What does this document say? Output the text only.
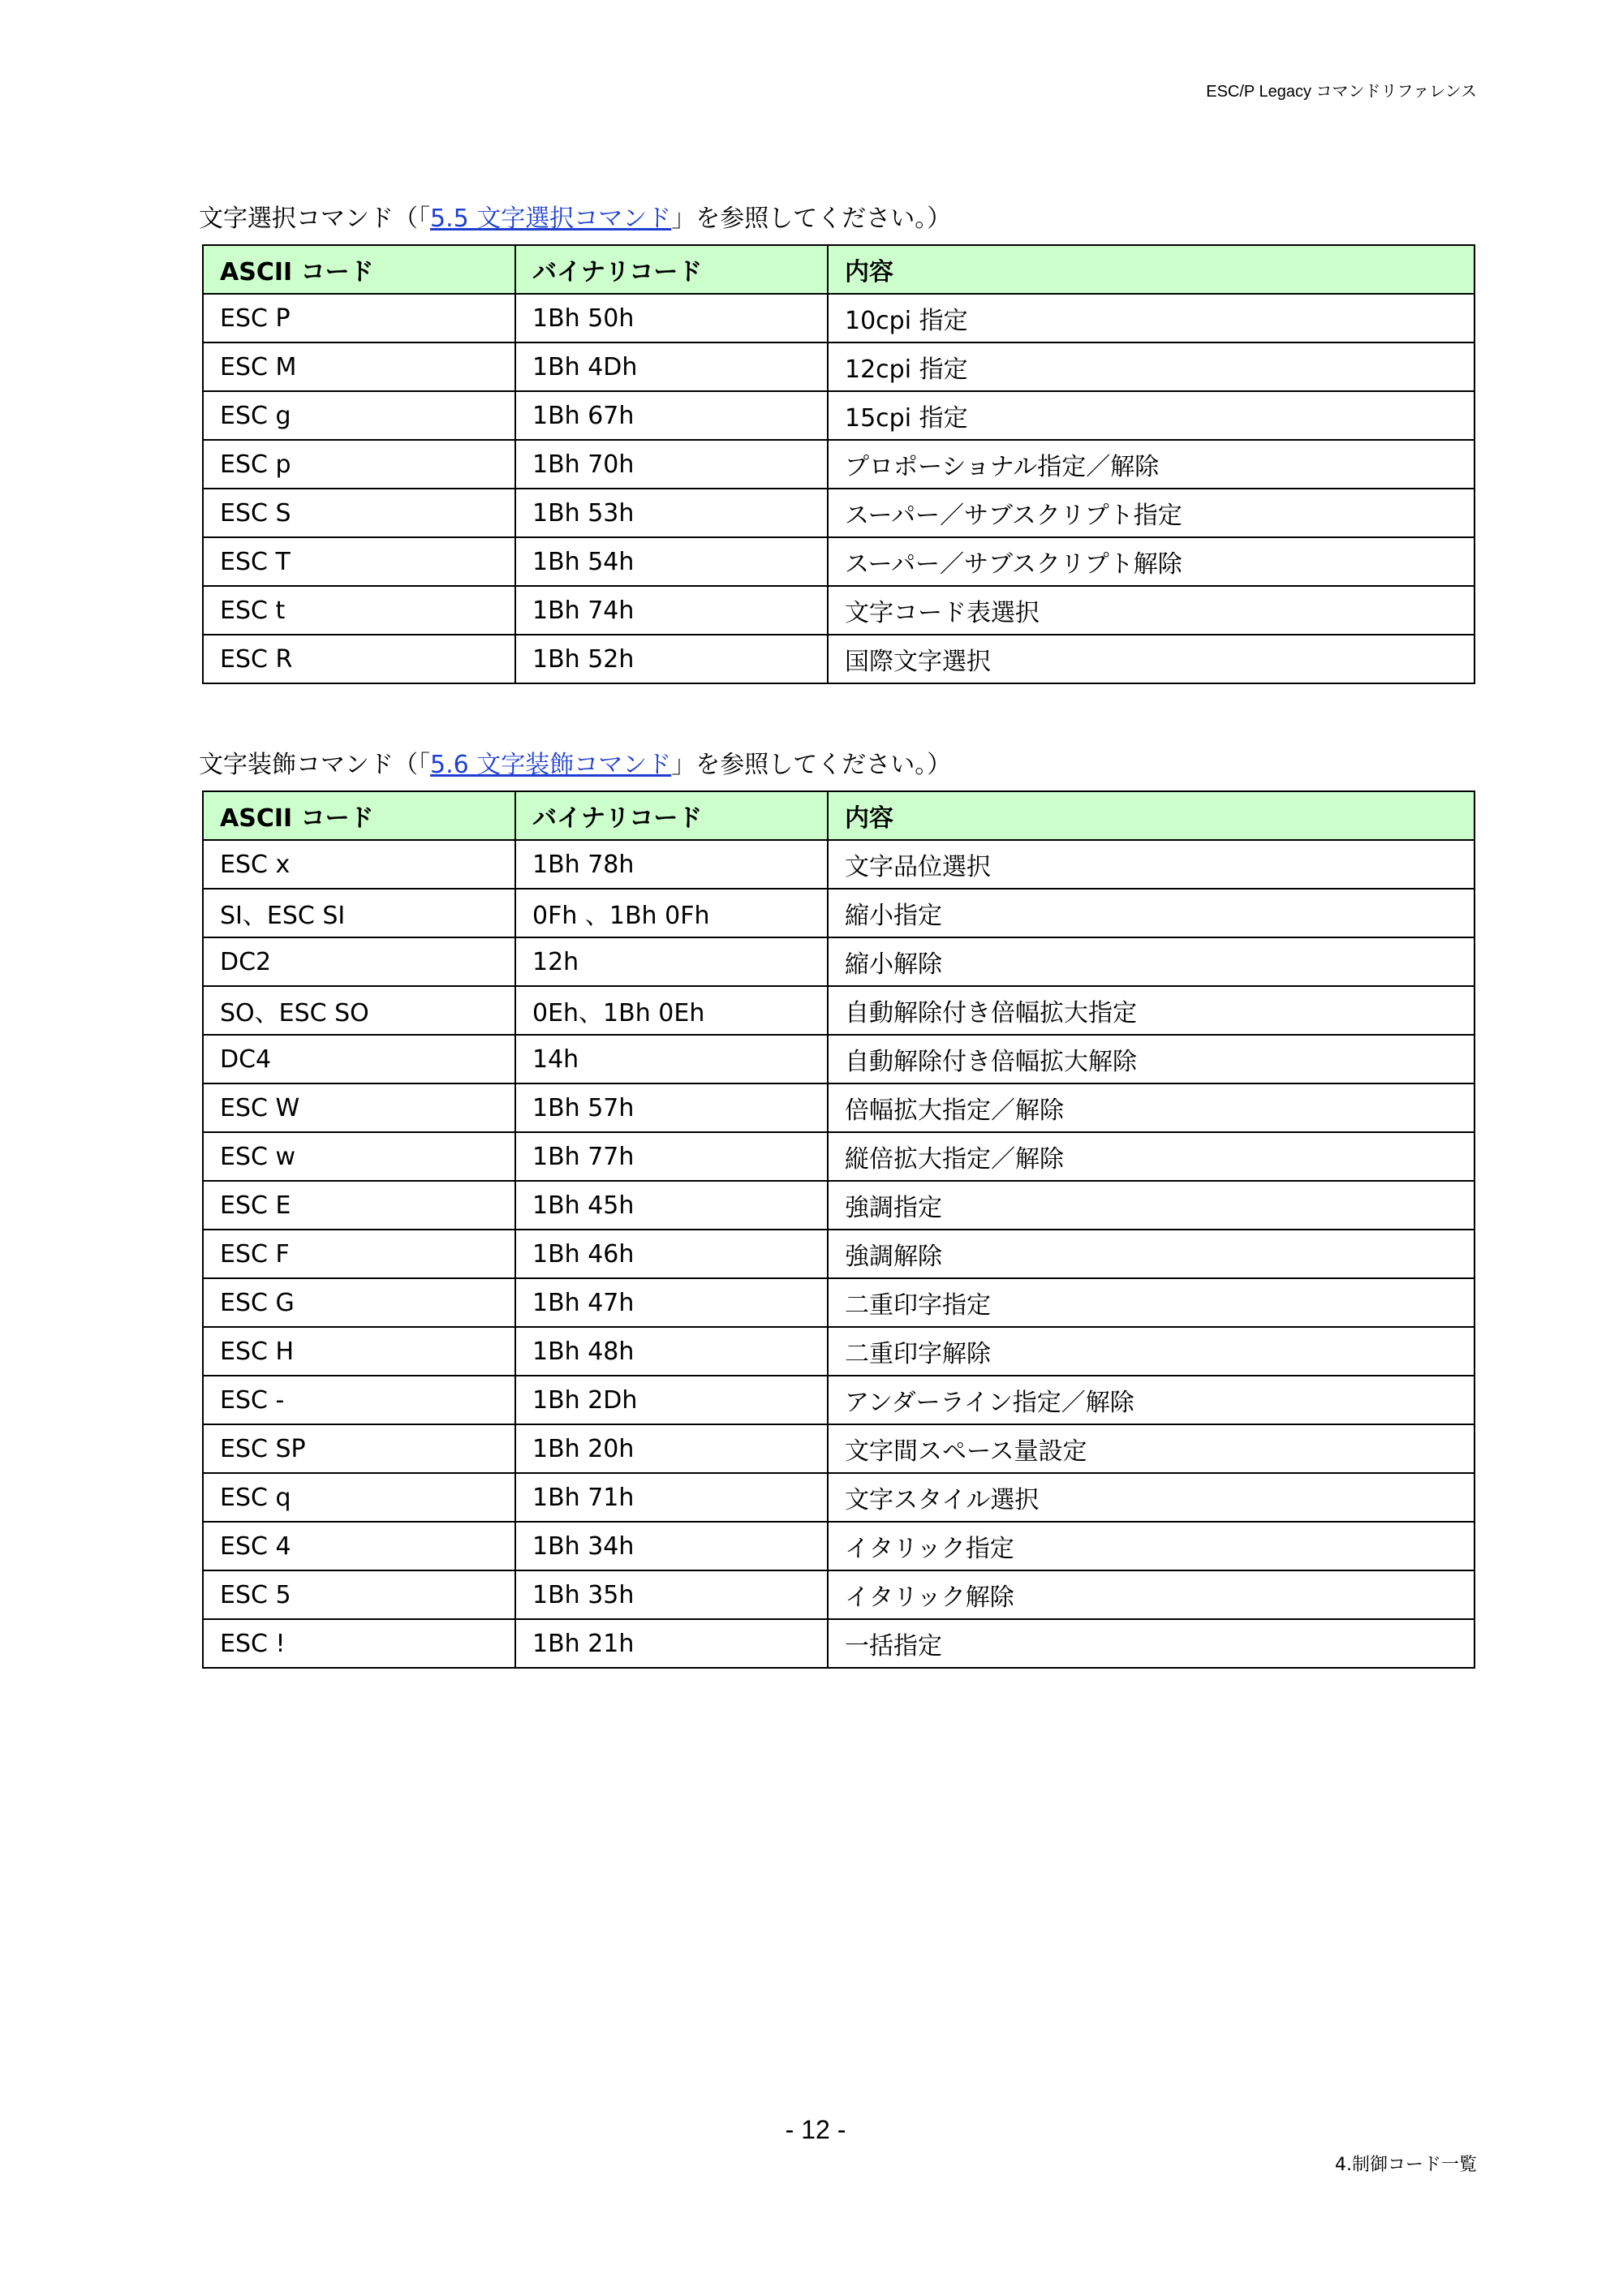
ESC/P Legacy コマンドリファレンス
文字選択コマンド（「5.5 文字選択コマンド」を参照してください。）
ASCII コード	バイナリコード	内容
ESC P	1Bh 50h	10cpi 指定
ESC M	1Bh 4Dh	12cpi 指定
ESC g	1Bh 67h	15cpi 指定
ESC p	1Bh 70h	プロポーショナル指定／解除
ESC S	1Bh 53h	スーパー／サブスクリプト指定
ESC T	1Bh 54h	スーパー／サブスクリプト解除
ESC t	1Bh 74h	文字コード表選択
ESC R	1Bh 52h	国際文字選択
文字装飾コマンド（「5.6 文字装飾コマンド」を参照してください。）
ASCII コード	バイナリコード	内容
ESC x	1Bh 78h	文字品位選択
SI、ESC SI	0Fh 、1Bh 0Fh	縮小指定
DC2	12h	縮小解除
SO、ESC SO	0Eh、1Bh 0Eh	自動解除付き倍幅拡大指定
DC4	14h	自動解除付き倍幅拡大解除
ESC W	1Bh 57h	倍幅拡大指定／解除
ESC w	1Bh 77h	縦倍拡大指定／解除
ESC E	1Bh 45h	強調指定
ESC F	1Bh 46h	強調解除
ESC G	1Bh 47h	二重印字指定
ESC H	1Bh 48h	二重印字解除
ESC -	1Bh 2Dh	アンダーライン指定／解除
ESC SP	1Bh 20h	文字間スペース量設定
ESC q	1Bh 71h	文字スタイル選択
ESC 4	1Bh 34h	イタリック指定
ESC 5	1Bh 35h	イタリック解除
ESC !	1Bh 21h	一括指定
- 12 -
4.制御コード一覧
